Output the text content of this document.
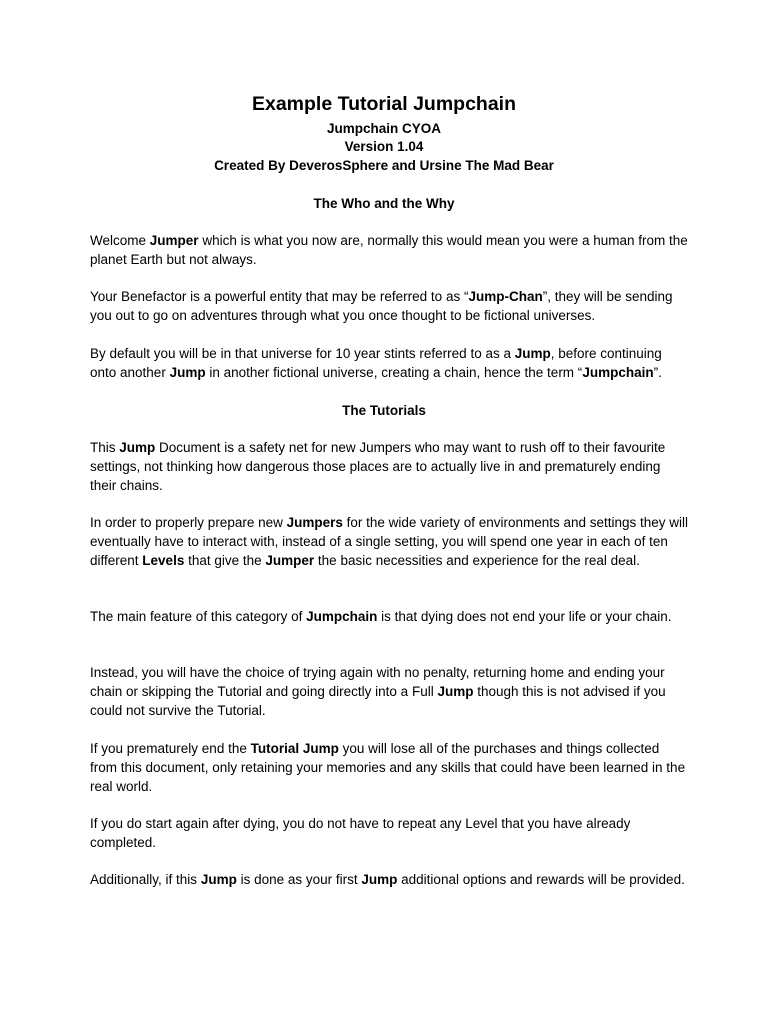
Example Tutorial Jumpchain

Jumpchain CYOA

Version 1.04

Created By DeverosSphere and Ursine The Mad Bear

The Who and the Why

Welcome Jumper which is what you now are, normally this would mean you were a human from the planet Earth but not always.

Your Benefactor is a powerful entity that may be referred to as “Jump-Chan”, they will be sending you out to go on adventures through what you once thought to be fictional universes.

By default you will be in that universe for 10 year stints referred to as a Jump, before continuing onto another Jump in another fictional universe, creating a chain, hence the term “Jumpchain”.

The Tutorials

This Jump Document is a safety net for new Jumpers who may want to rush off to their favourite settings, not thinking how dangerous those places are to actually live in and prematurely ending their chains.

In order to properly prepare new Jumpers for the wide variety of environments and settings they will eventually have to interact with, instead of a single setting, you will spend one year in each of ten different Levels that give the Jumper the basic necessities and experience for the real deal.

The main feature of this category of Jumpchain is that dying does not end your life or your chain.

Instead, you will have the choice of trying again with no penalty, returning home and ending your chain or skipping the Tutorial and going directly into a Full Jump though this is not advised if you could not survive the Tutorial.

If you prematurely end the Tutorial Jump you will lose all of the purchases and things collected from this document, only retaining your memories and any skills that could have been learned in the real world.

If you do start again after dying, you do not have to repeat any Level that you have already completed.

Additionally, if this Jump is done as your first Jump additional options and rewards will be provided.
